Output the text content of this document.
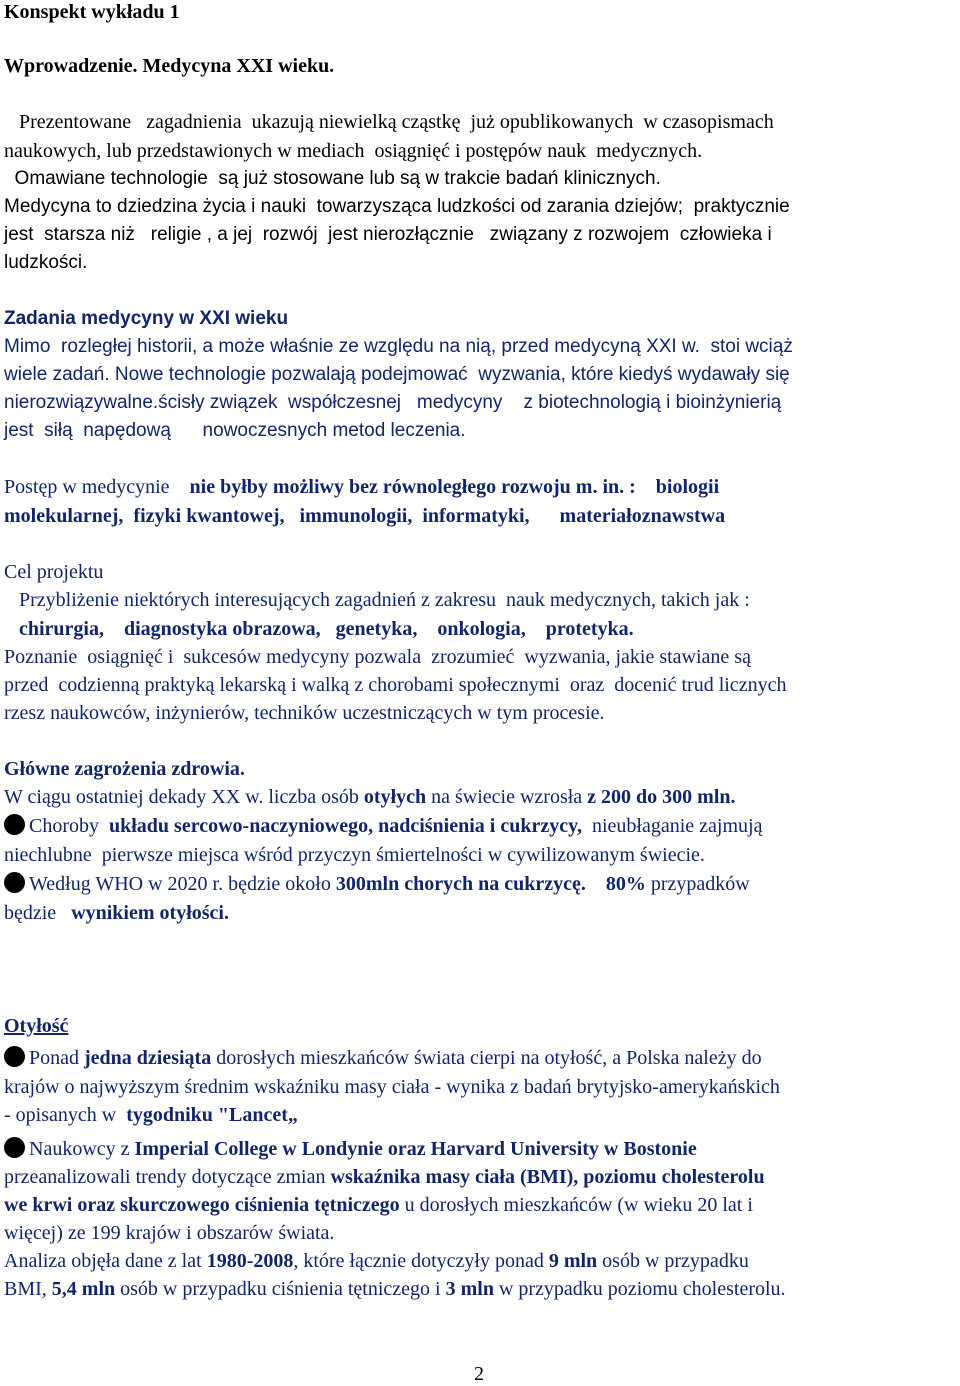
Konspekt wykładu 1
Wprowadzenie. Medycyna XXI wieku.
Prezentowane   zagadnienia  ukazują niewielką cząstkę  już opublikowanych  w czasopismach
naukowych, lub przedstawionych w mediach  osiągnięć i postępów nauk  medycznych.
Omawiane technologie  są już stosowane lub są w trakcie badań klinicznych.
Medycyna to dziedzina życia i nauki  towarzysząca ludzkości od zarania dziejów;  praktycznie
jest  starsza niż   religie , a jej  rozwój  jest nierozłącznie   związany z rozwojem  człowieka i
ludzkości.
Zadania medycyny w XXI wieku
Mimo  rozległej historii, a może właśnie ze względu na nią, przed medycyną XXI w.  stoi wciąż
wiele zadań. Nowe technologie pozwalają podejmować  wyzwania, które kiedyś wydawały się
nierozwiązywalne.ścisły związek  współczesnej   medycyny    z biotechnologią i bioinżynierią
jest  siłą  napędową      nowoczesnych metod leczenia.
Postęp w medycynie    nie byłby możliwy bez równoległego rozwoju m. in. :    biologii
molekularnej,  fizyki kwantowej,   immunologii,  informatyki,      materiałoznawstwa
Cel projektu
Przybliżenie niektórych interesujących zagadnień z zakresu  nauk medycznych, takich jak :
chirurgia,    diagnostyka obrazowa,   genetyka,    onkologia,    protetyka.
Poznanie  osiągnięć i  sukcesów medycyny pozwala  zrozumieć  wyzwania, jakie stawiane są
przed  codzienną praktyką lekarską i walką z chorobami społecznymi  oraz  docenić trud licznych
rzesz naukowców, inżynierów, techników uczestniczących w tym procesie.
Główne zagrożenia zdrowia.
W ciągu ostatniej dekady XX w. liczba osób otyłych na świecie wzrosła z 200 do 300 mln.
Choroby  układu sercowo-naczyniowego, nadciśnienia i cukrzycy,  nieubłaganie zajmują
niechlubne  pierwsze miejsca wśród przyczyn śmiertelności w cywilizowanym świecie.
Według WHO w 2020 r. będzie około 300mln chorych na cukrzycę. 80% przypadków
będzie   wynikiem otyłości.
Otyłość
Ponad jedna dziesiąta dorosłych mieszkańców świata cierpi na otyłość, a Polska należy do
krajów o najwyższym średnim wskaźniku masy ciała - wynika z badań brytyjsko-amerykańskich
- opisanych w  tygodniku "Lancet„
Naukowcy z Imperial College w Londynie oraz Harvard University w Bostonie
przeanalizowali trendy dotyczące zmian wskaźnika masy ciała (BMI), poziomu cholesterolu
we krwi oraz skurczowego ciśnienia tętniczego u dorosłych mieszkańców (w wieku 20 lat i
więcej) ze 199 krajów i obszarów świata.
Analiza objęła dane z lat 1980-2008, które łącznie dotyczyły ponad 9 mln osób w przypadku
BMI, 5,4 mln osób w przypadku ciśnienia tętniczego i 3 mln w przypadku poziomu cholesterolu.
2
